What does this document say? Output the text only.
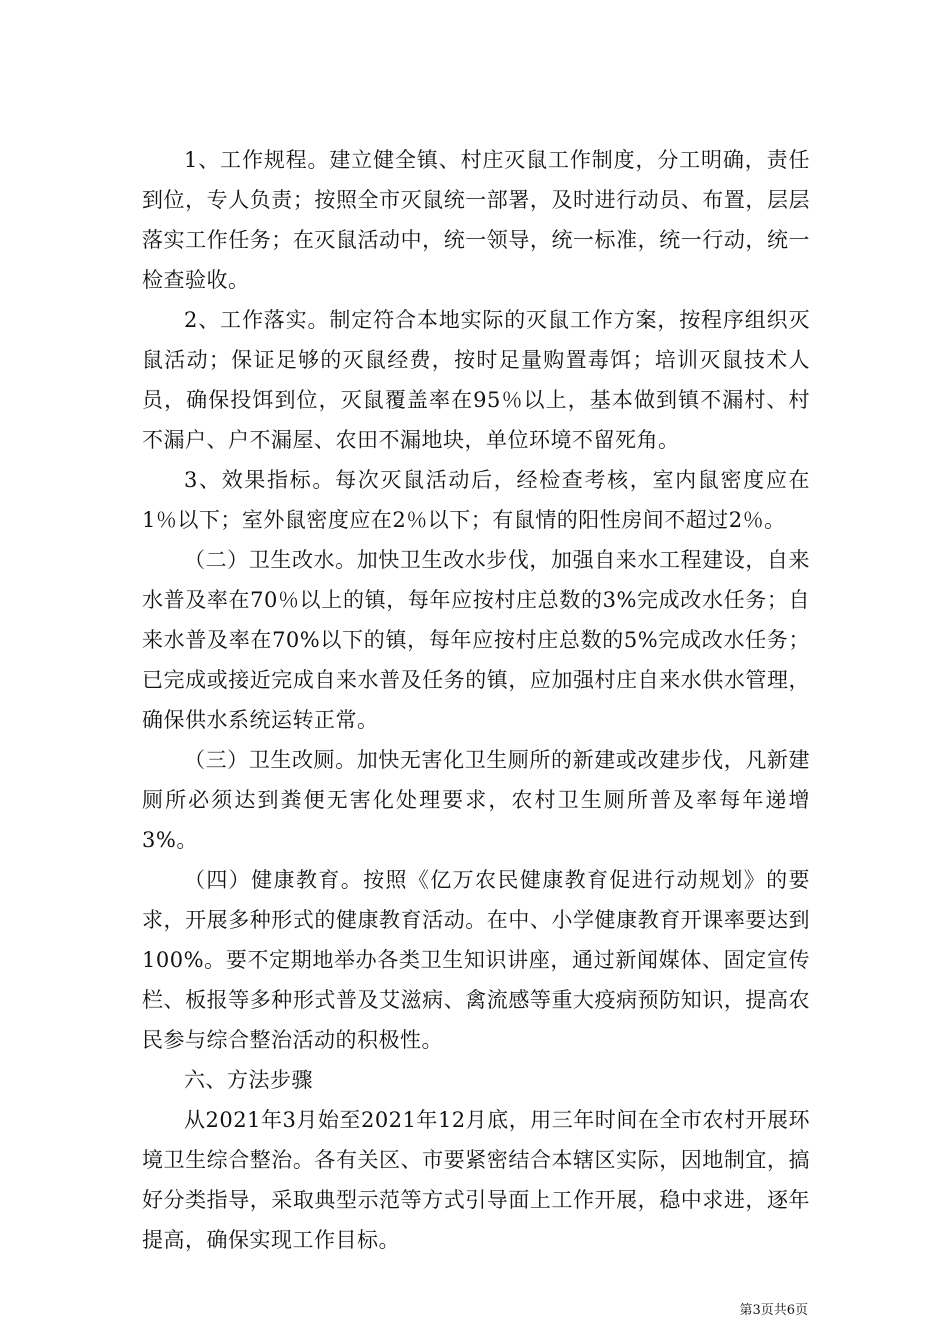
1、工作规程。建立健全镇、村庄灭鼠工作制度，分工明确，责任到位，专人负责；按照全市灭鼠统一部署，及时进行动员、布置，层层落实工作任务；在灭鼠活动中，统一领导，统一标准，统一行动，统一检查验收。

2、工作落实。制定符合本地实际的灭鼠工作方案，按程序组织灭鼠活动；保证足够的灭鼠经费，按时足量购置毒饵；培训灭鼠技术人员，确保投饵到位，灭鼠覆盖率在95％以上，基本做到镇不漏村、村不漏户、户不漏屋、农田不漏地块，单位环境不留死角。

3、效果指标。每次灭鼠活动后，经检查考核，室内鼠密度应在1％以下；室外鼠密度应在2％以下；有鼠情的阳性房间不超过2％。

（二）卫生改水。加快卫生改水步伐，加强自来水工程建设，自来水普及率在70％以上的镇，每年应按村庄总数的3%完成改水任务；自来水普及率在70%以下的镇，每年应按村庄总数的5%完成改水任务；已完成或接近完成自来水普及任务的镇，应加强村庄自来水供水管理，确保供水系统运转正常。

（三）卫生改厕。加快无害化卫生厕所的新建或改建步伐，凡新建厕所必须达到粪便无害化处理要求，农村卫生厕所普及率每年递增3%。

（四）健康教育。按照《亿万农民健康教育促进行动规划》的要求，开展多种形式的健康教育活动。在中、小学健康教育开课率要达到100%。要不定期地举办各类卫生知识讲座，通过新闻媒体、固定宣传栏、板报等多种形式普及艾滋病、禽流感等重大疫病预防知识，提高农民参与综合整治活动的积极性。

六、方法步骤

从2021年3月始至2021年12月底，用三年时间在全市农村开展环境卫生综合整治。各有关区、市要紧密结合本辖区实际，因地制宜，搞好分类指导，采取典型示范等方式引导面上工作开展，稳中求进，逐年提高，确保实现工作目标。

第3页共6页
